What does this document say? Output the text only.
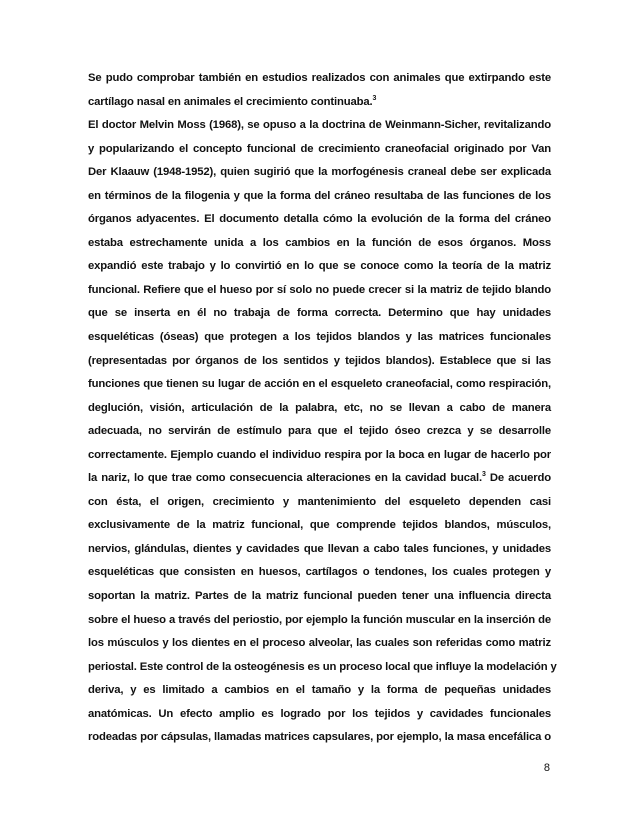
Se pudo comprobar también en estudios realizados con animales que extirpando este
cartílago nasal en animales el crecimiento continuaba.$^3$
El doctor Melvin Moss (1968), se opuso a la doctrina de Weinmann-Sicher, revitalizando
y popularizando el concepto funcional de crecimiento craneofacial originado por Van
Der Klaauw (1948-1952), quien sugirió que la morfogénesis craneal debe ser explicada
en términos de la filogenia y que la forma del cráneo resultaba de las funciones de los
órganos adyacentes. El documento detalla cómo la evolución de la forma del cráneo
estaba estrechamente unida a los cambios en la función de esos órganos. Moss
expandió este trabajo y lo convirtió en lo que se conoce como la teoría de la matriz
funcional. Refiere que el hueso por sí solo no puede crecer si la matriz de tejido blando
que se inserta en él no trabaja de forma correcta. Determino que hay unidades
esqueléticas (óseas) que protegen a los tejidos blandos y las matrices funcionales
(representadas por órganos de los sentidos y tejidos blandos). Establece que si las
funciones que tienen su lugar de acción en el esqueleto craneofacial, como respiración,
deglución, visión, articulación de la palabra, etc, no se llevan a cabo de manera
adecuada, no servirán de estímulo para que el tejido óseo crezca y se desarrolle
correctamente. Ejemplo cuando el individuo respira por la boca en lugar de hacerlo por
la nariz, lo que trae como consecuencia alteraciones en la cavidad bucal.$^3$ De acuerdo
con ésta, el origen, crecimiento y mantenimiento del esqueleto dependen casi
exclusivamente de la matriz funcional, que comprende tejidos blandos, músculos,
nervios, glándulas, dientes y cavidades que llevan a cabo tales funciones, y unidades
esqueléticas que consisten en huesos, cartílagos o tendones, los cuales protegen y
soportan la matriz. Partes de la matriz funcional pueden tener una influencia directa
sobre el hueso a través del periostio, por ejemplo la función muscular en la inserción de
los músculos y los dientes en el proceso alveolar, las cuales son referidas como matriz
periostal. Este control de la osteogénesis es un proceso local que influye la modelación y
deriva, y es limitado a cambios en el tamaño y la forma de pequeñas unidades
anatómicas. Un efecto amplio es logrado por los tejidos y cavidades funcionales
rodeadas por cápsulas, llamadas matrices capsulares, por ejemplo, la masa encefálica o
8
